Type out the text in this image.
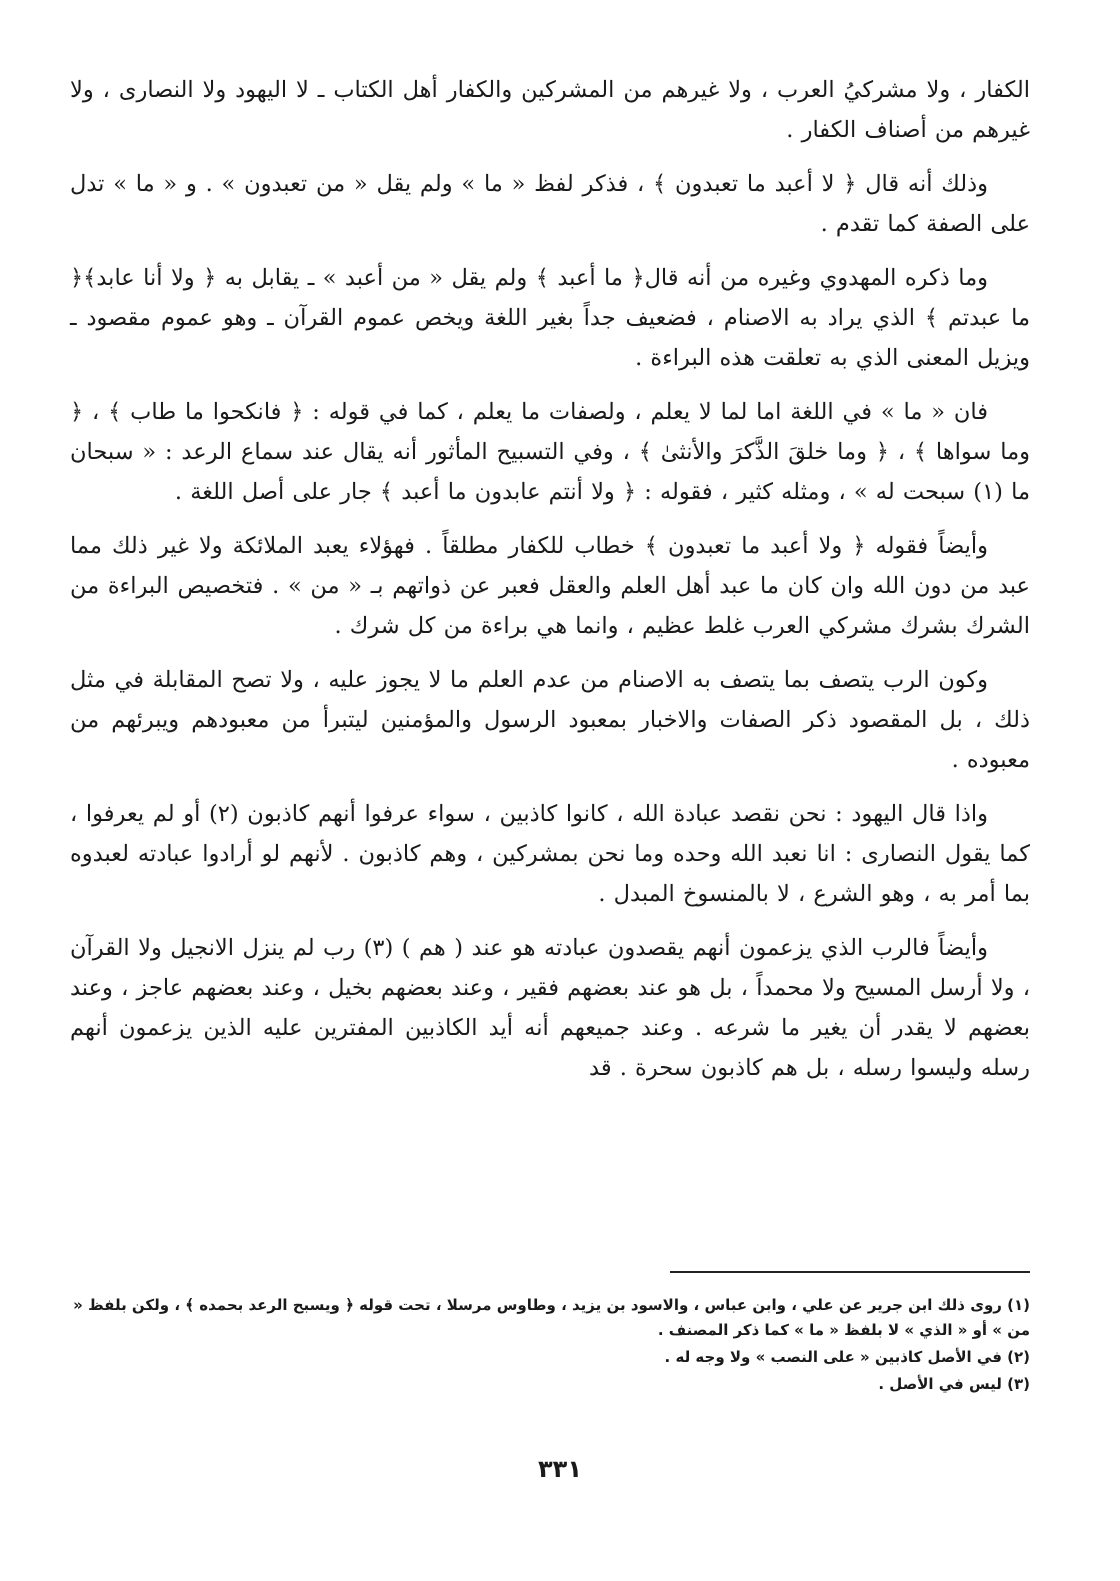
الكفار ، ولا مشركيُ العرب ، ولا غيرهم من المشركين والكفار أهل الكتاب ـ لا اليهود ولا النصارى ، ولا غيرهم من أصناف الكفار .

وذلك أنه قال ﴿ لا أعبد ما تعبدون ﴾ ، فذكر لفظ « ما » ولم يقل « من تعبدون » . و « ما » تدل على الصفة كما تقدم .

وما ذكره المهدوي وغيره من أنه قال﴿ ما أعبد ﴾ ولم يقل « من أعبد » ـ يقابل به ﴿ ولا أنا عابد﴾﴿ ما عبدتم ﴾ الذي يراد به الاصنام ، فضعيف جداً بغير اللغة ويخص عموم القرآن ـ وهو عموم مقصود ـ ويزيل المعنى الذي به تعلقت هذه البراءة .

فان « ما » في اللغة اما لما لا يعلم ، ولصفات ما يعلم ، كما في قوله : ﴿ فانكحوا ما طاب ﴾ ، ﴿ وما سواها ﴾ ، ﴿ وما خلقَ الذَّكرَ والأنثىٰ ﴾ ، وفي التسبيح المأثور أنه يقال عند سماع الرعد : « سبحان ما (١) سبحت له » ، ومثله كثير ، فقوله : ﴿ ولا أنتم عابدون ما أعبد ﴾ جار على أصل اللغة .

وأيضاً فقوله ﴿ ولا أعبد ما تعبدون ﴾ خطاب للكفار مطلقاً . فهؤلاء يعبد الملائكة ولا غير ذلك مما عبد من دون الله وان كان ما عبد أهل العلم والعقل فعبر عن ذواتهم بـ « من » . فتخصيص البراءة من الشرك بشرك مشركي العرب غلط عظيم ، وانما هي براءة من كل شرك .

وكون الرب يتصف بما يتصف به الاصنام من عدم العلم ما لا يجوز عليه ، ولا تصح المقابلة في مثل ذلك ، بل المقصود ذكر الصفات والاخبار بمعبود الرسول والمؤمنين ليتبرأ من معبودهم ويبرئهم من معبوده .

واذا قال اليهود : نحن نقصد عبادة الله ، كانوا كاذبين ، سواء عرفوا أنهم كاذبون (٢) أو لم يعرفوا ، كما يقول النصارى : انا نعبد الله وحده وما نحن بمشركين ، وهم كاذبون . لأنهم لو أرادوا عبادته لعبدوه بما أمر به ، وهو الشرع ، لا بالمنسوخ المبدل .

وأيضاً فالرب الذي يزعمون أنهم يقصدون عبادته هو عند ( هم ) (٣) رب لم ينزل الانجيل ولا القرآن ، ولا أرسل المسيح ولا محمداً ، بل هو عند بعضهم فقير ، وعند بعضهم بخيل ، وعند بعضهم عاجز ، وعند بعضهم لا يقدر أن يغير ما شرعه . وعند جميعهم أنه أيد الكاذبين المفترين عليه الذين يزعمون أنهم رسله وليسوا رسله ، بل هم كاذبون سحرة . قد

(١) روى ذلك ابن جرير عن علي ، وابن عباس ، والاسود بن يزيد ، وطاوس مرسلا ، تحت قوله ﴿ ويسبح الرعد بحمده ﴾ ، ولكن بلفظ « من » أو « الذي » لا بلفظ « ما » كما ذكر المصنف .

(٢) في الأصل كاذبين « على النصب » ولا وجه له .

(٣) ليس في الأصل .

٣٣١
